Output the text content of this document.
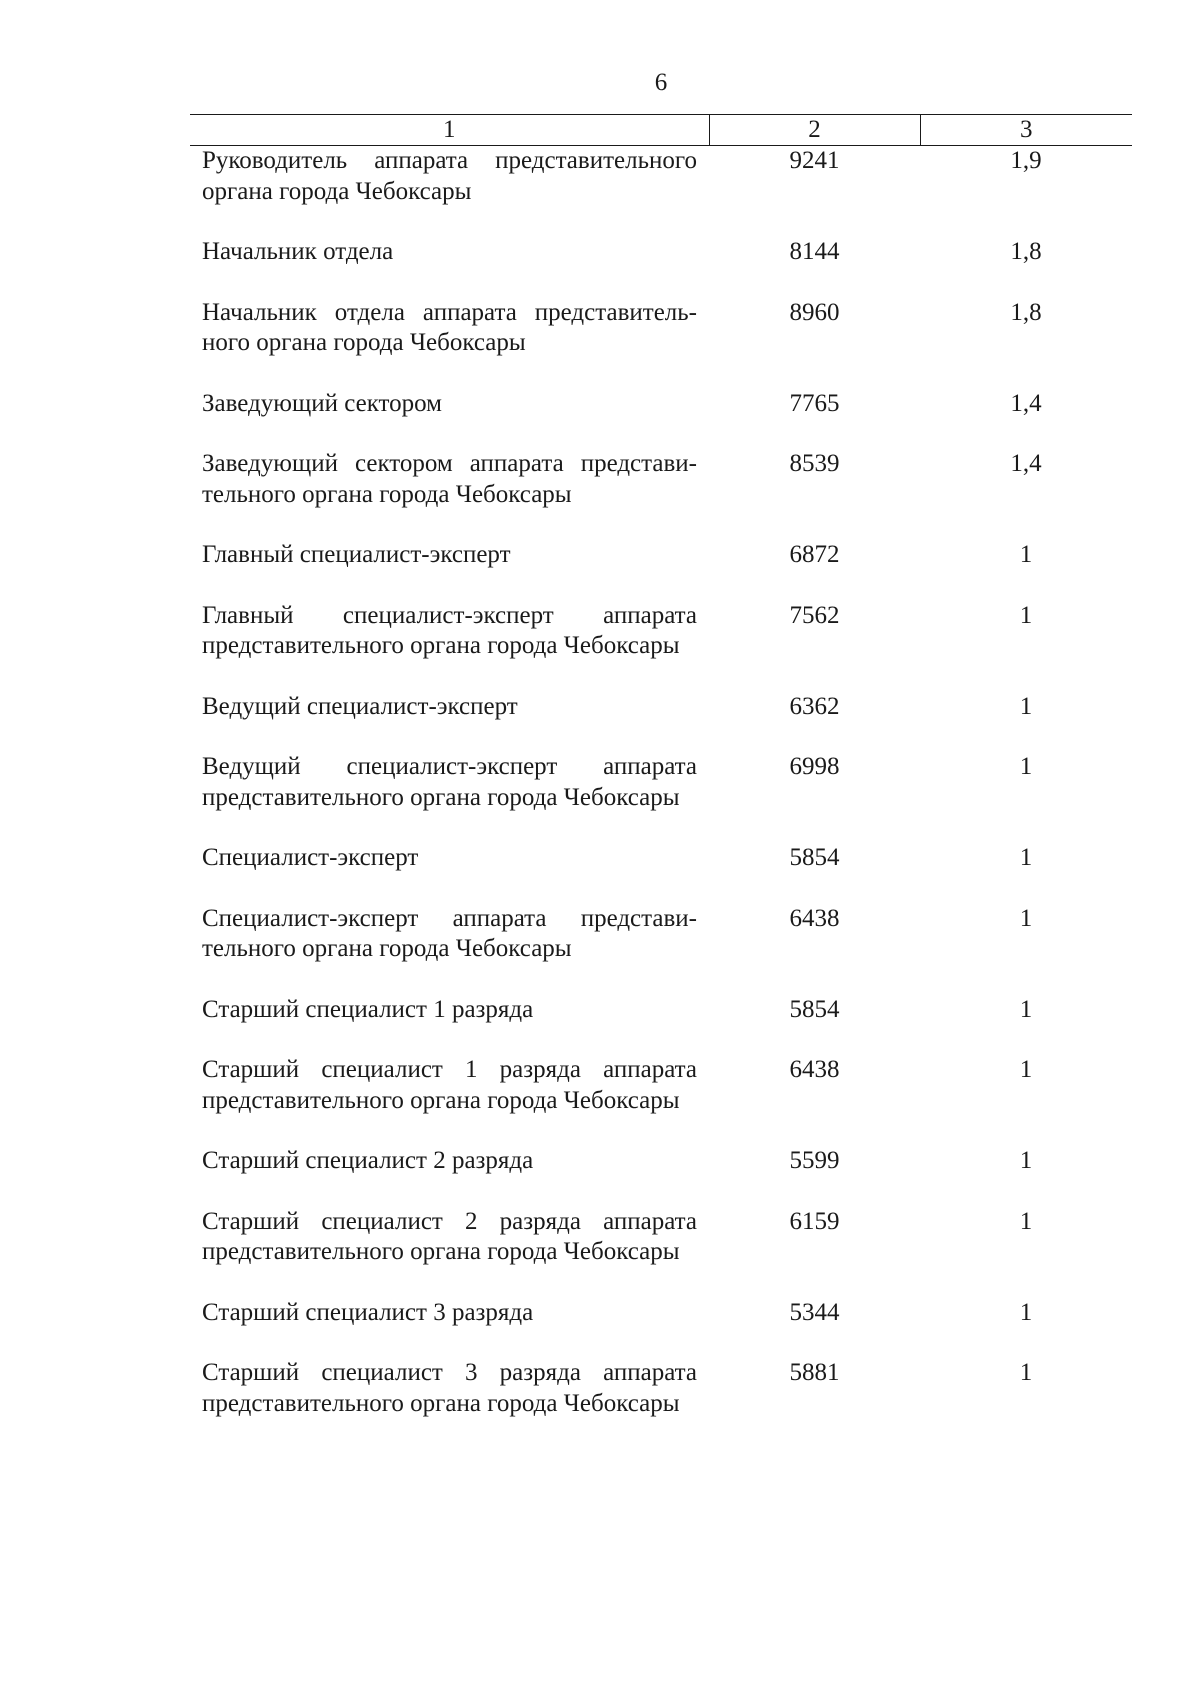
6
1	2	3
Руководитель аппарата представительного органа города Чебоксары	9241	1,9
Начальник отдела	8144	1,8
Начальник отдела аппарата представительного органа города Чебоксары	8960	1,8
Заведующий сектором	7765	1,4
Заведующий сектором аппарата представительного органа города Чебоксары	8539	1,4
Главный специалист-эксперт	6872	1
Главный специалист-эксперт аппарата представительного органа города Чебоксары	7562	1
Ведущий специалист-эксперт	6362	1
Ведущий специалист-эксперт аппарата представительного органа города Чебоксары	6998	1
Специалист-эксперт	5854	1
Специалист-эксперт аппарата представительного органа города Чебоксары	6438	1
Старший специалист 1 разряда	5854	1
Старший специалист 1 разряда аппарата представительного органа города Чебоксары	6438	1
Старший специалист 2 разряда	5599	1
Старший специалист 2 разряда аппарата представительного органа города Чебоксары	6159	1
Старший специалист 3 разряда	5344	1
Старший специалист 3 разряда аппарата представительного органа города Чебоксары	5881	1
